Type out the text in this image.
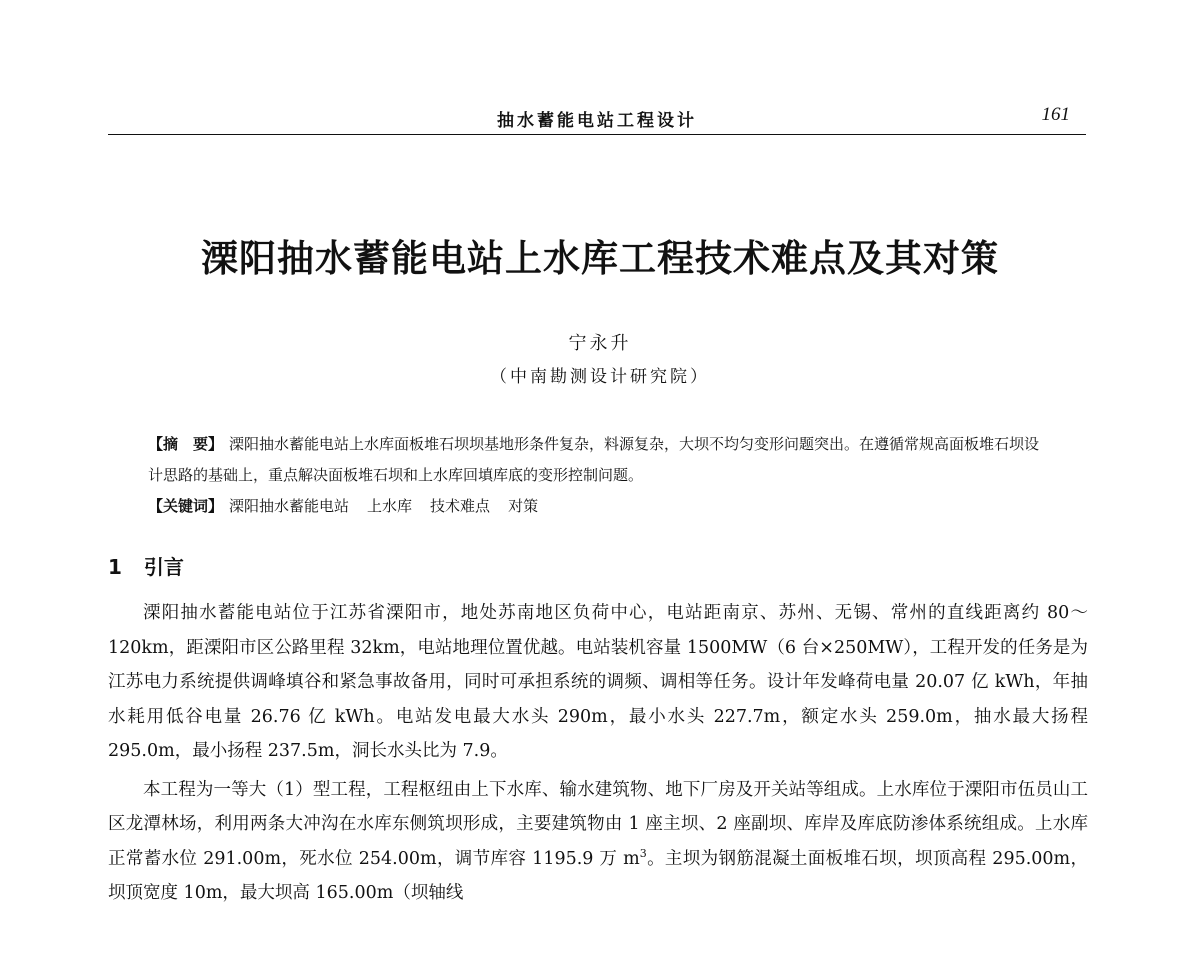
抽水蓄能电站工程设计	161
溧阳抽水蓄能电站上水库工程技术难点及其对策
宁永升
（中南勘测设计研究院）

【摘　要】 溧阳抽水蓄能电站上水库面板堆石坝坝基地形条件复杂，料源复杂，大坝不均匀变形问题突出。在遵循常规高面板堆石坝设计思路的基础上，重点解决面板堆石坝和上水库回填库底的变形控制问题。

【关键词】 溧阳抽水蓄能电站 上水库 技术难点 对策

1 引言

溧阳抽水蓄能电站位于江苏省溧阳市，地处苏南地区负荷中心，电站距南京、苏州、无锡、常州的直线距离约 80～120km，距溧阳市区公路里程 32km，电站地理位置优越。电站装机容量 1500MW（6 台×250MW），工程开发的任务是为江苏电力系统提供调峰填谷和紧急事故备用，同时可承担系统的调频、调相等任务。设计年发峰荷电量 20.07 亿 kWh，年抽水耗用低谷电量 26.76 亿 kWh。电站发电最大水头 290m，最小水头 227.7m，额定水头 259.0m，抽水最大扬程 295.0m，最小扬程 237.5m，洞长水头比为 7.9。

本工程为一等大（1）型工程，工程枢纽由上下水库、输水建筑物、地下厂房及开关站等组成。上水库位于溧阳市伍员山工区龙潭林场，利用两条大冲沟在水库东侧筑坝形成，主要建筑物由 1 座主坝、2 座副坝、库岸及库底防渗体系统组成。上水库正常蓄水位 291.00m，死水位 254.00m，调节库容 1195.9 万 $m^3$。主坝为钢筋混凝土面板堆石坝，坝顶高程 295.00m，坝顶宽度 10m，最大坝高 165.00m（坝轴线
